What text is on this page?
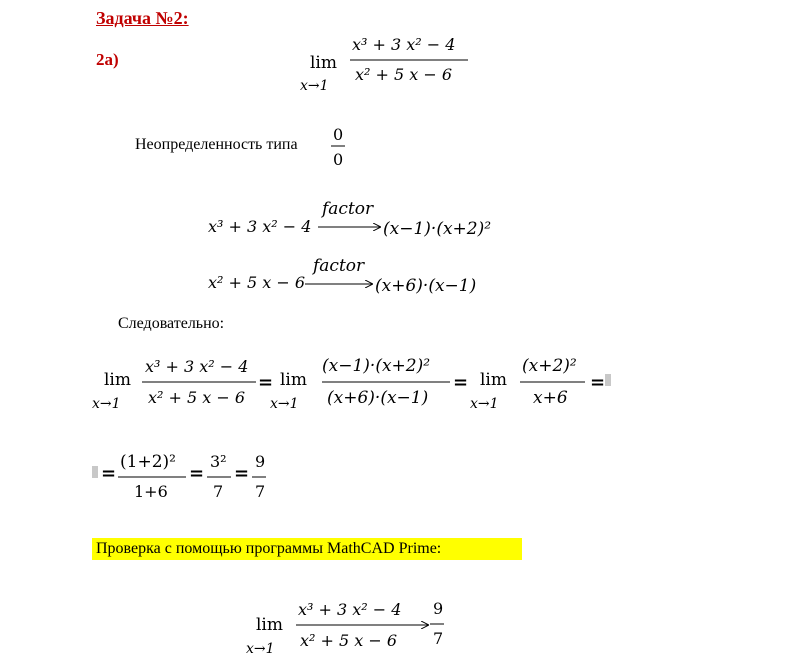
Задача №2:
2a)	lim
x→1
x³ + 3 x² − 4
x² + 5 x − 6
0
0
x³ + 3 x² − 4
factor
(x−1)·(x+2)²
x² + 5 x − 6
factor
(x+6)·(x−1)
lim
x→1
x³ + 3 x² − 4
x² + 5 x − 6
= lim
x→1
(x−1)·(x+2)²
(x+6)·(x−1)
= lim
x→1
(x+2)²
x+6
=
=
(1+2)²
1+6
=
3²
7
=
9
7
lim
x→1
x³ + 3 x² − 4
x² + 5 x − 6
9
7
Неопределенность типа
Следовательно:
Проверка с помощью программы MathCAD Prime:
